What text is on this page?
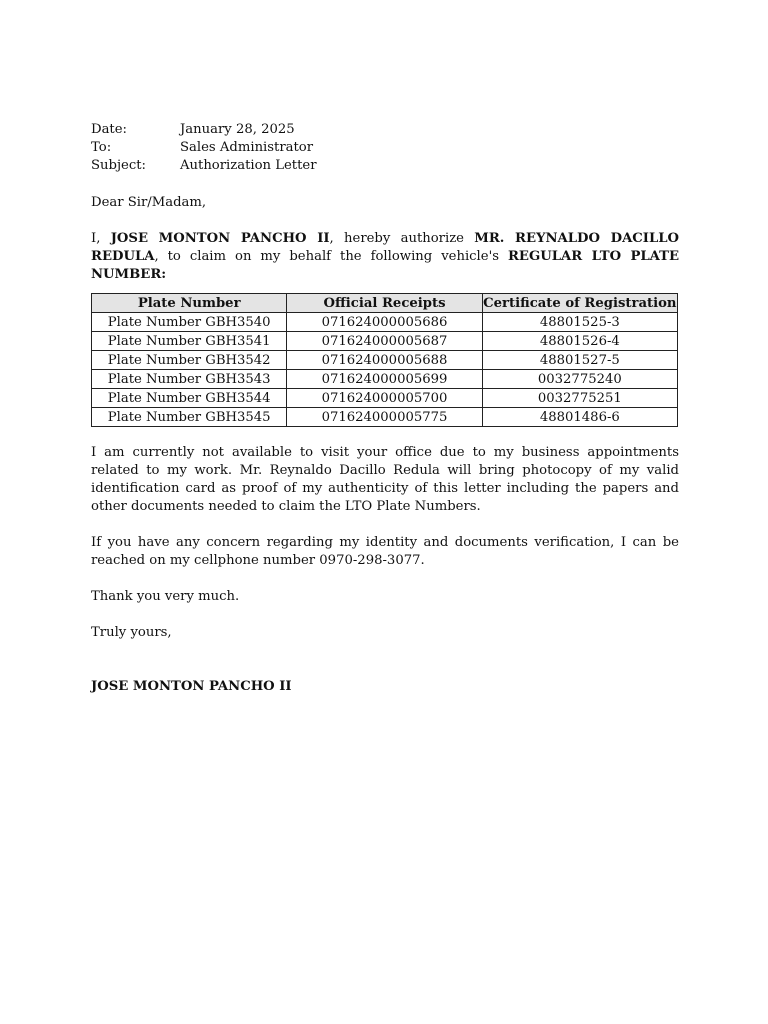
Date:	January 28, 2025
To:	Sales Administrator
Subject:	Authorization Letter
Dear Sir/Madam,
I, JOSE MONTON PANCHO II, hereby authorize MR. REYNALDO DACILLO REDULA, to claim on my behalf the following vehicle's REGULAR LTO PLATE NUMBER:
Plate Number	Official Receipts	Certificate of Registration
Plate Number GBH3540	071624000005686	48801525-3
Plate Number GBH3541	071624000005687	48801526-4
Plate Number GBH3542	071624000005688	48801527-5
Plate Number GBH3543	071624000005699	0032775240
Plate Number GBH3544	071624000005700	0032775251
Plate Number GBH3545	071624000005775	48801486-6
I am currently not available to visit your office due to my business appointments related to my work. Mr. Reynaldo Dacillo Redula will bring photocopy of my valid identification card as proof of my authenticity of this letter including the papers and other documents needed to claim the LTO Plate Numbers.
If you have any concern regarding my identity and documents verification, I can be reached on my cellphone number 0970-298-3077.
Thank you very much.
Truly yours,
JOSE MONTON PANCHO II
